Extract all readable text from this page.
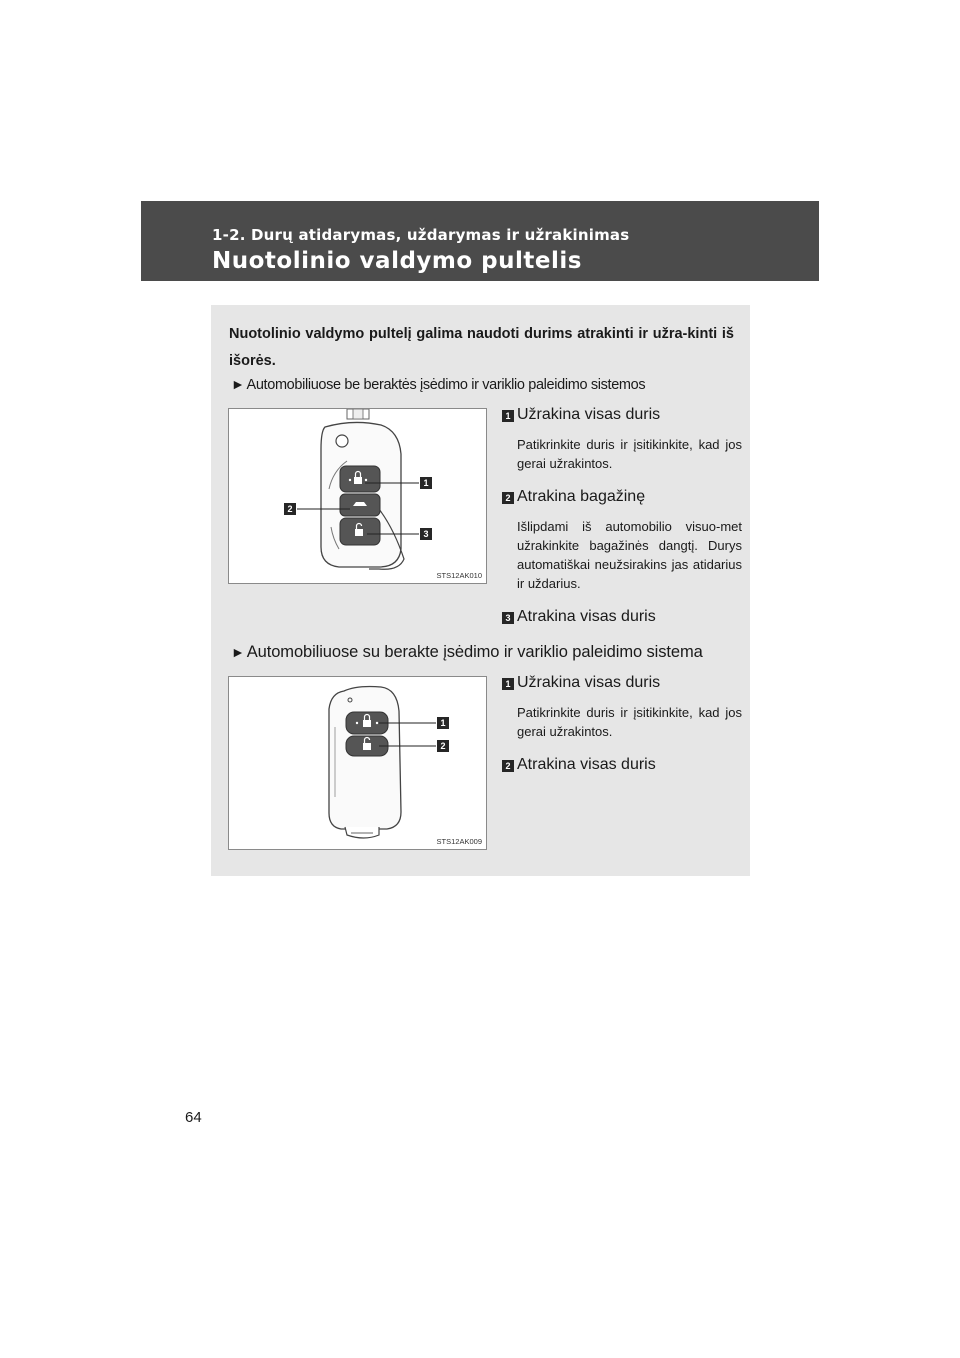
1-2. Durų atidarymas, uždarymas ir užrakinimas
Nuotolinio valdymo pultelis
Nuotolinio valdymo pultelį galima naudoti durims atrakinti ir užra-kinti iš išorės.
► Automobiliuose be beraktės įsėdimo ir variklio paleidimo sistemos
1
2
3
STS12AK010
1 Užrakina visas duris
Patikrinkite duris ir įsitikinkite, kad jos gerai užrakintos.
2 Atrakina bagažinę
Išlipdami iš automobilio visuo-met užrakinkite bagažinės dangtį. Durys automatiškai neužsirakins jas atidarius ir uždarius.
3 Atrakina visas duris
► Automobiliuose su berakte įsėdimo ir variklio paleidimo sistema
1
2
STS12AK009
1 Užrakina visas duris
Patikrinkite duris ir įsitikinkite, kad jos gerai užrakintos.
2 Atrakina visas duris
64
